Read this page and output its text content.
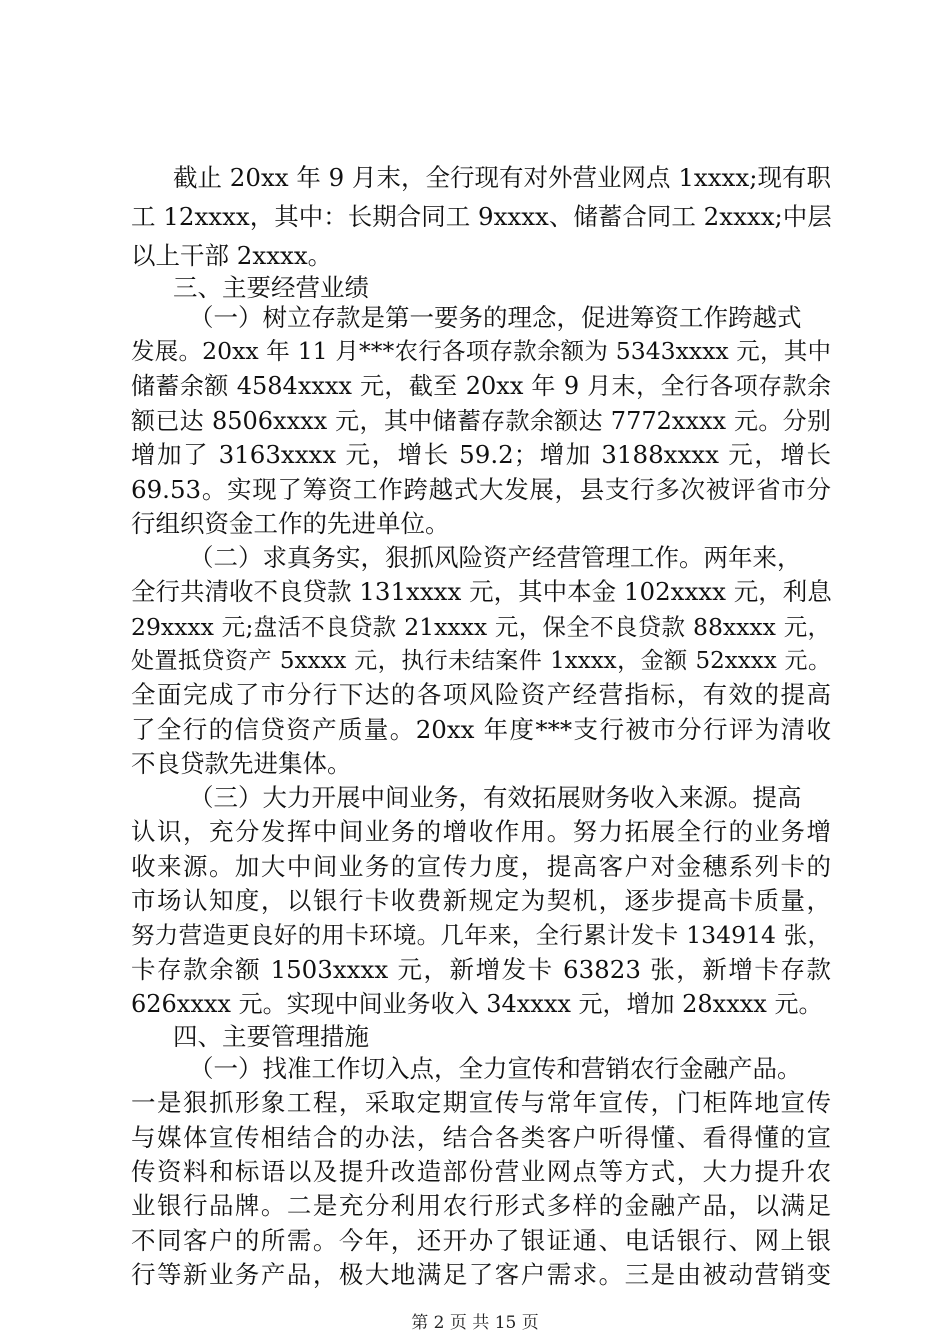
截止 20xx 年 9 月末，全行现有对外营业网点 1xxxx;现有职
工 12xxxx，其中：长期合同工 9xxxx、储蓄合同工 2xxxx;中层
以上干部 2xxxx。
三、主要经营业绩
（一）树立存款是第一要务的理念，促进筹资工作跨越式
发展。20xx 年 11 月***农行各项存款余额为 5343xxxx 元，其中
储蓄余额 4584xxxx 元，截至 20xx 年 9 月末，全行各项存款余
额已达 8506xxxx 元，其中储蓄存款余额达 7772xxxx 元。分别
增加了 3163xxxx 元，增长 59.2；增加 3188xxxx 元，增长
69.53。实现了筹资工作跨越式大发展，县支行多次被评省市分
行组织资金工作的先进单位。
（二）求真务实，狠抓风险资产经营管理工作。两年来，
全行共清收不良贷款 131xxxx 元，其中本金 102xxxx 元，利息
29xxxx 元;盘活不良贷款 21xxxx 元，保全不良贷款 88xxxx 元，
处置抵贷资产 5xxxx 元，执行未结案件 1xxxx，金额 52xxxx 元。
全面完成了市分行下达的各项风险资产经营指标，有效的提高
了全行的信贷资产质量。20xx 年度***支行被市分行评为清收
不良贷款先进集体。
（三）大力开展中间业务，有效拓展财务收入来源。提高
认识，充分发挥中间业务的增收作用。努力拓展全行的业务增
收来源。加大中间业务的宣传力度，提高客户对金穗系列卡的
市场认知度，以银行卡收费新规定为契机，逐步提高卡质量，
努力营造更良好的用卡环境。几年来，全行累计发卡 134914 张，
卡存款余额 1503xxxx 元，新增发卡 63823 张，新增卡存款
626xxxx 元。实现中间业务收入 34xxxx 元，增加 28xxxx 元。
四、主要管理措施
（一）找准工作切入点，全力宣传和营销农行金融产品。
一是狠抓形象工程，采取定期宣传与常年宣传，门柜阵地宣传
与媒体宣传相结合的办法，结合各类客户听得懂、看得懂的宣
传资料和标语以及提升改造部份营业网点等方式，大力提升农
业银行品牌。二是充分利用农行形式多样的金融产品，以满足
不同客户的所需。今年，还开办了银证通、电话银行、网上银
行等新业务产品，极大地满足了客户需求。三是由被动营销变
第 2 页 共 15 页
